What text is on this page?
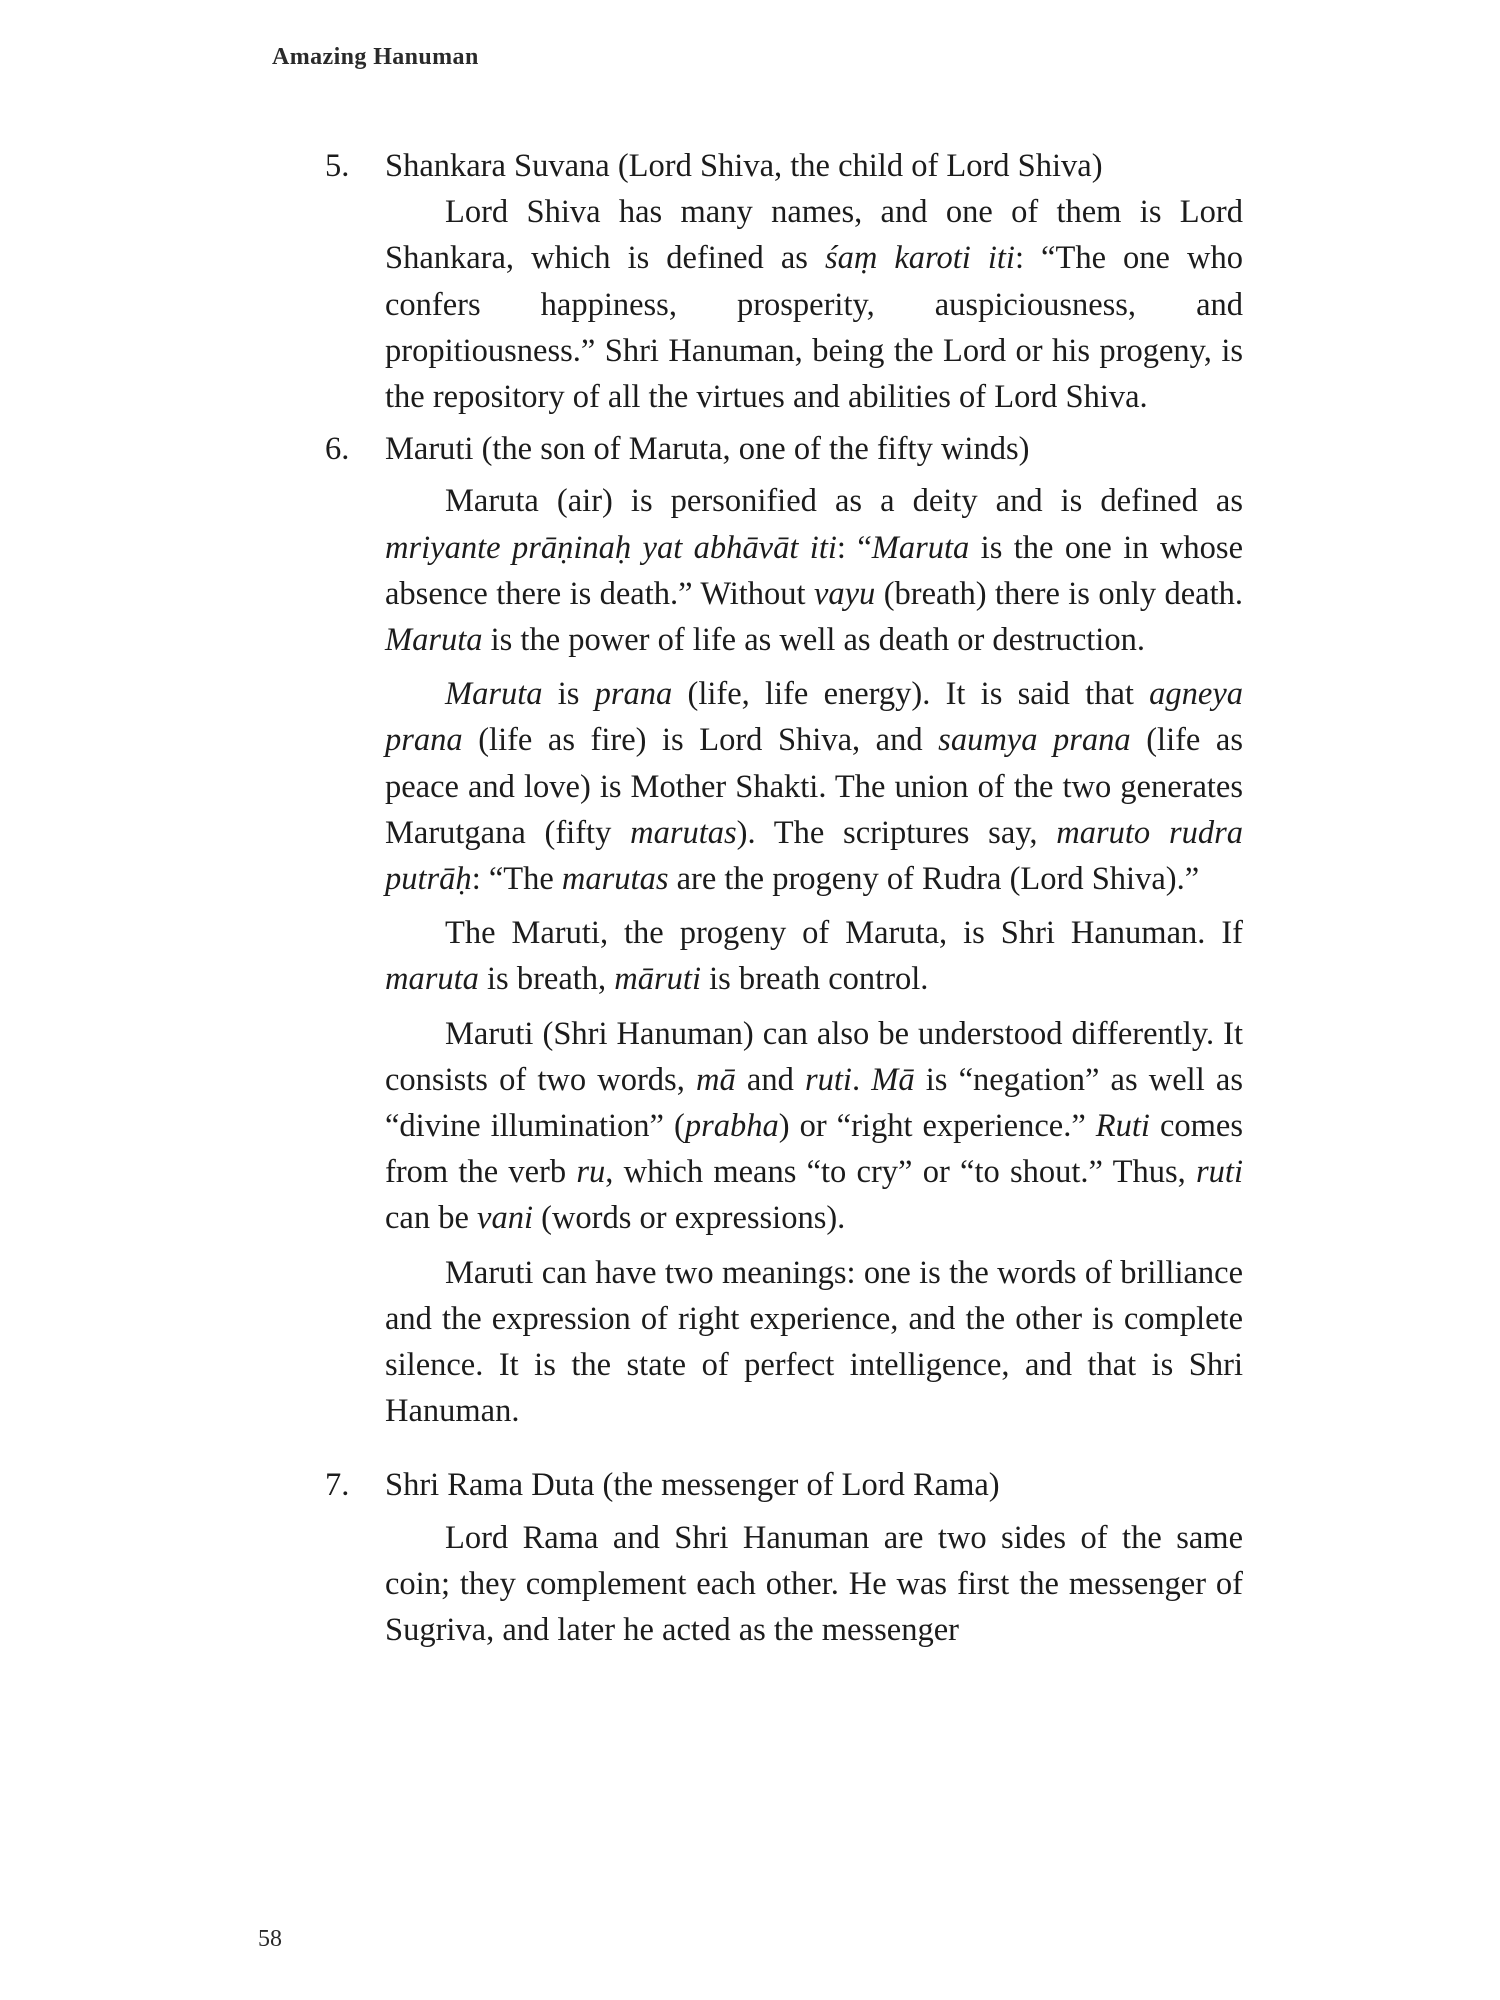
Amazing Hanuman

5. Shankara Suvana (Lord Shiva, the child of Lord Shiva)

Lord Shiva has many names, and one of them is Lord Shankara, which is defined as śaṃ karoti iti: “The one who confers happiness, prosperity, auspiciousness, and propitiousness.” Shri Hanuman, being the Lord or his progeny, is the repository of all the virtues and abilities of Lord Shiva.

6. Maruti (the son of Maruta, one of the fifty winds)

Maruta (air) is personified as a deity and is defined as mriyante prāṇinaḥ yat abhāvāt iti: “Maruta is the one in whose absence there is death.” Without vayu (breath) there is only death. Maruta is the power of life as well as death or destruction.

Maruta is prana (life, life energy). It is said that agneya prana (life as fire) is Lord Shiva, and saumya prana (life as peace and love) is Mother Shakti. The union of the two generates Marutgana (fifty marutas). The scriptures say, maruto rudra putrāḥ: “The marutas are the progeny of Rudra (Lord Shiva).”

The Maruti, the progeny of Maruta, is Shri Hanuman. If maruta is breath, māruti is breath control.

Maruti (Shri Hanuman) can also be understood differently. It consists of two words, mā and ruti. Mā is “negation” as well as “divine illumination” (prabha) or “right experience.” Ruti comes from the verb ru, which means “to cry” or “to shout.” Thus, ruti can be vani (words or expressions).

Maruti can have two meanings: one is the words of brilliance and the expression of right experience, and the other is complete silence. It is the state of perfect intelligence, and that is Shri Hanuman.

7. Shri Rama Duta (the messenger of Lord Rama)

Lord Rama and Shri Hanuman are two sides of the same coin; they complement each other. He was first the messenger of Sugriva, and later he acted as the messenger

58
